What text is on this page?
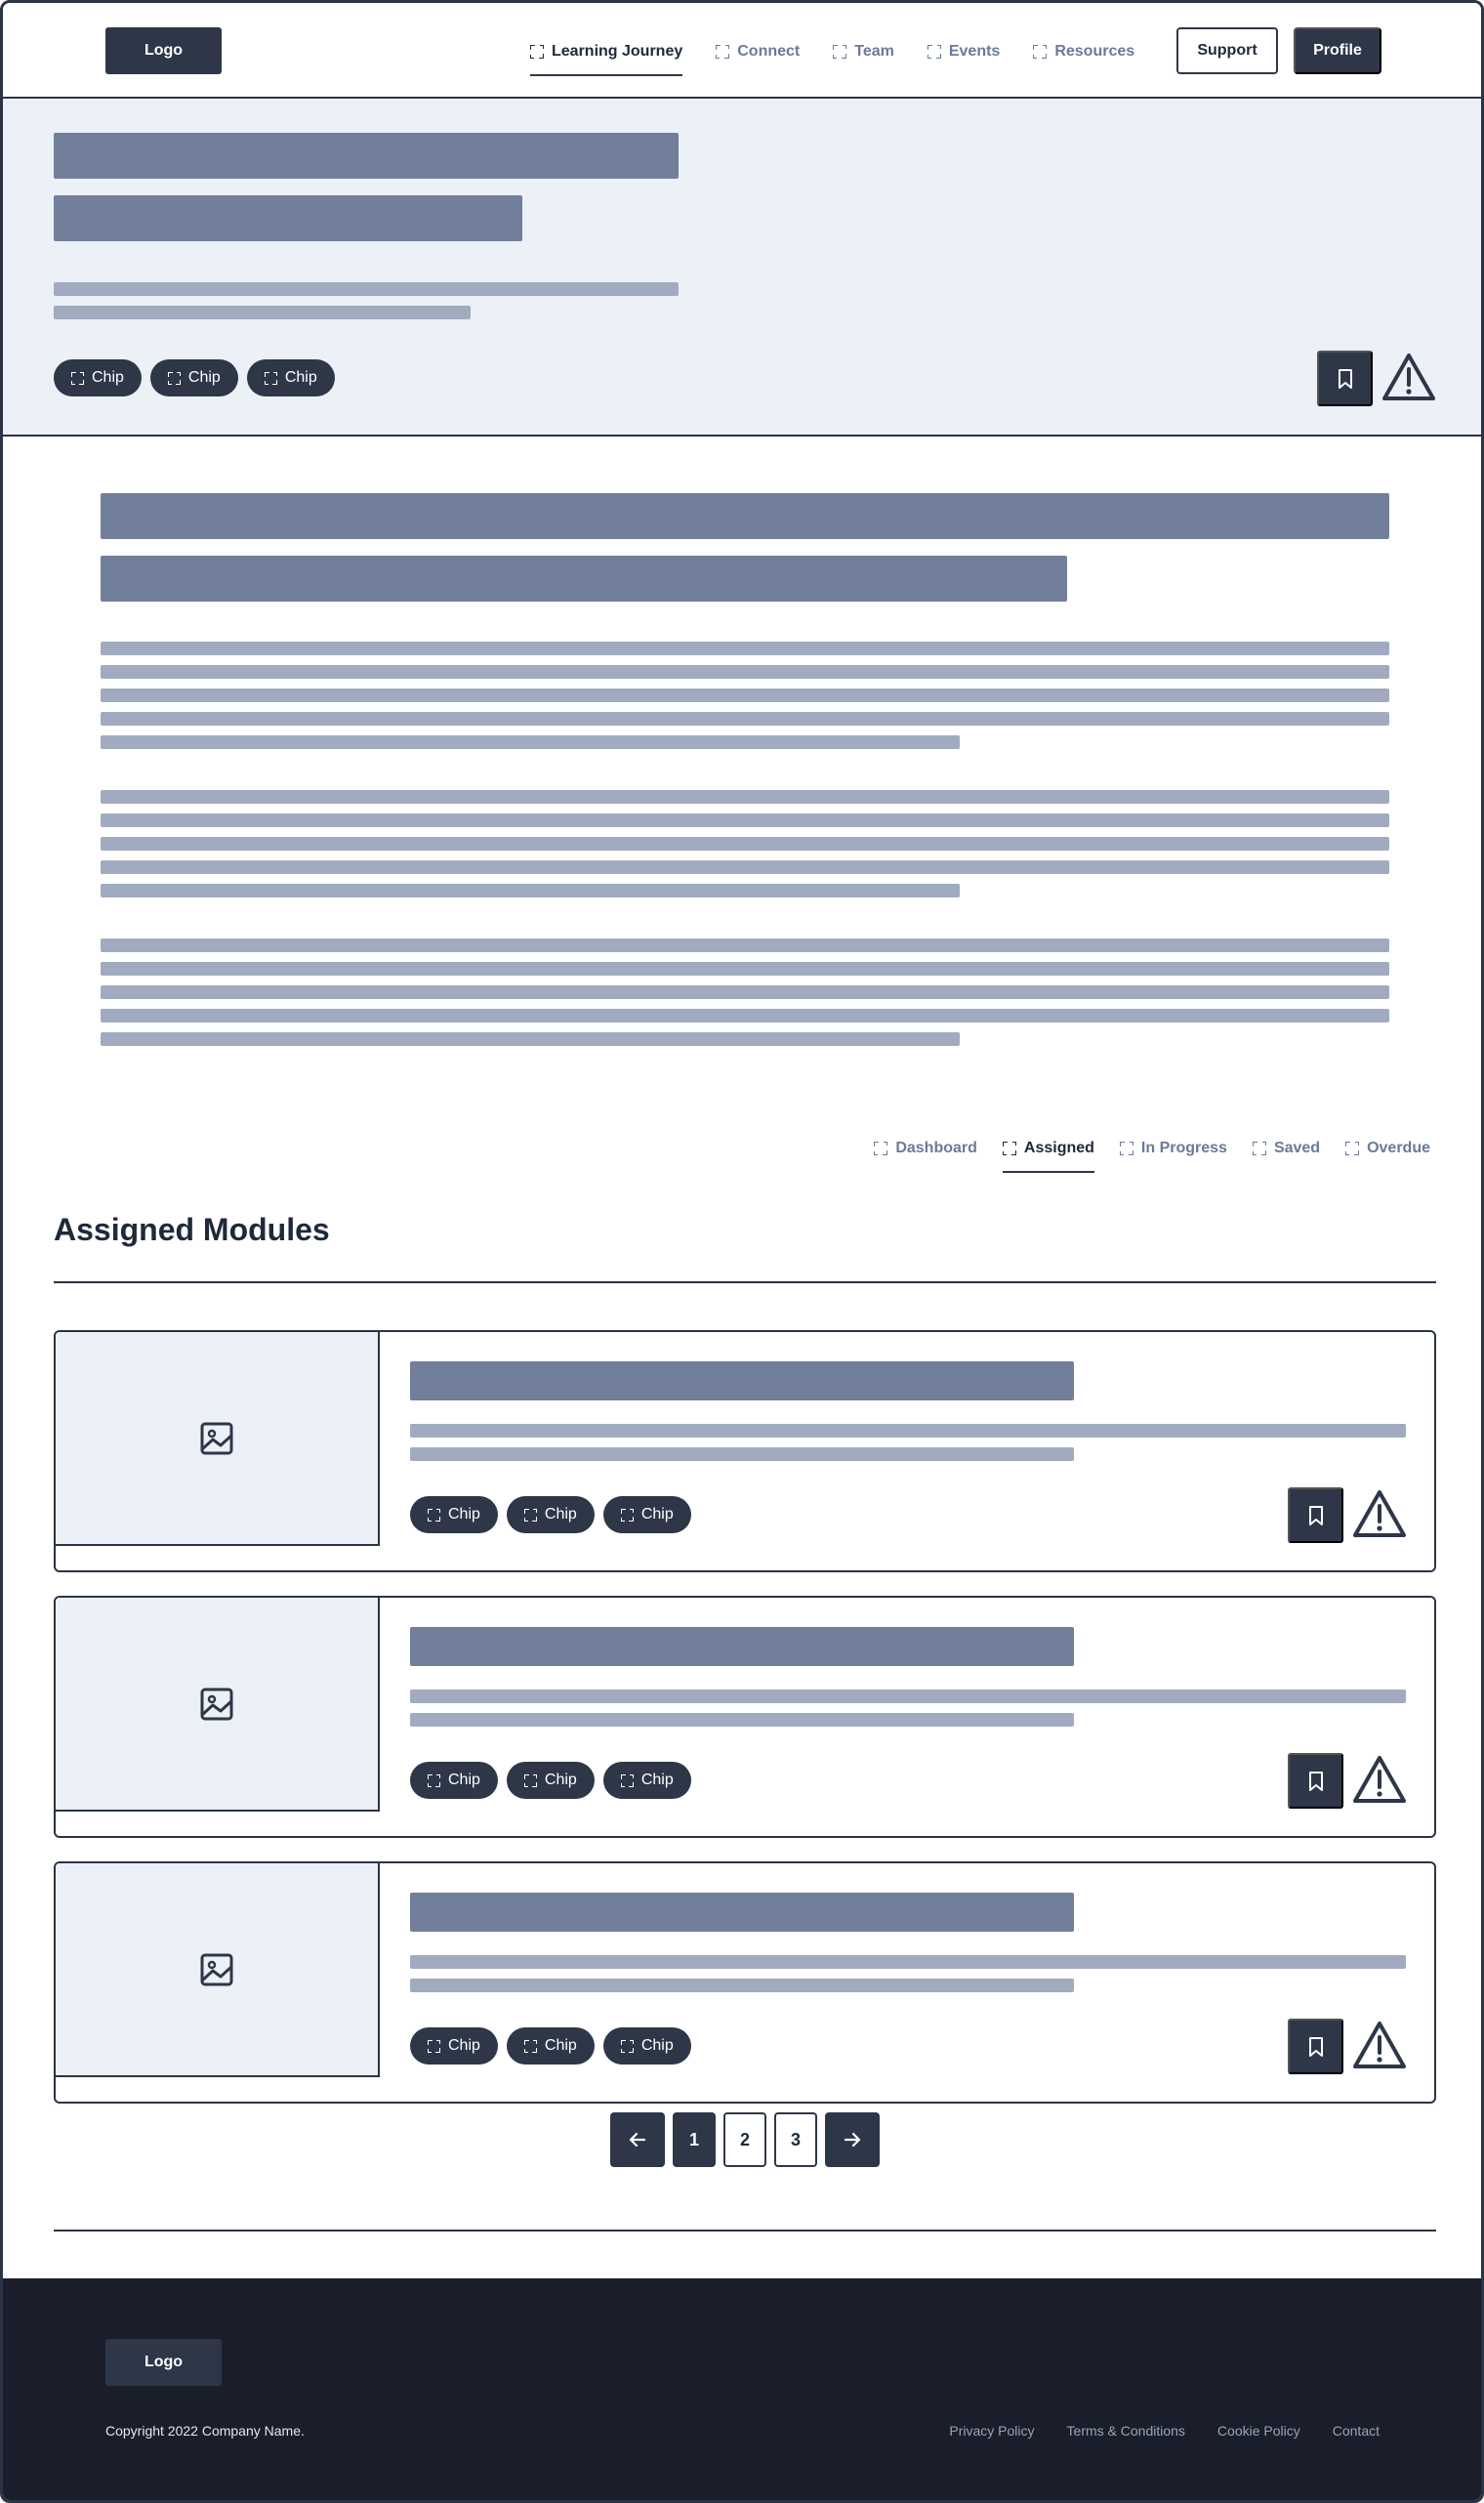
Logo	Learning Journey	Connect	Team	Events	Resources	Support	Profile
Chip	Chip	Chip
Dashboard	Assigned	In Progress	Saved	Overdue
Assigned Modules
Chip	Chip	Chip
Chip	Chip	Chip
Chip	Chip	Chip
1	2	3
Logo
Copyright 2022 Company Name.	Privacy Policy Terms & Conditions Cookie Policy Contact
